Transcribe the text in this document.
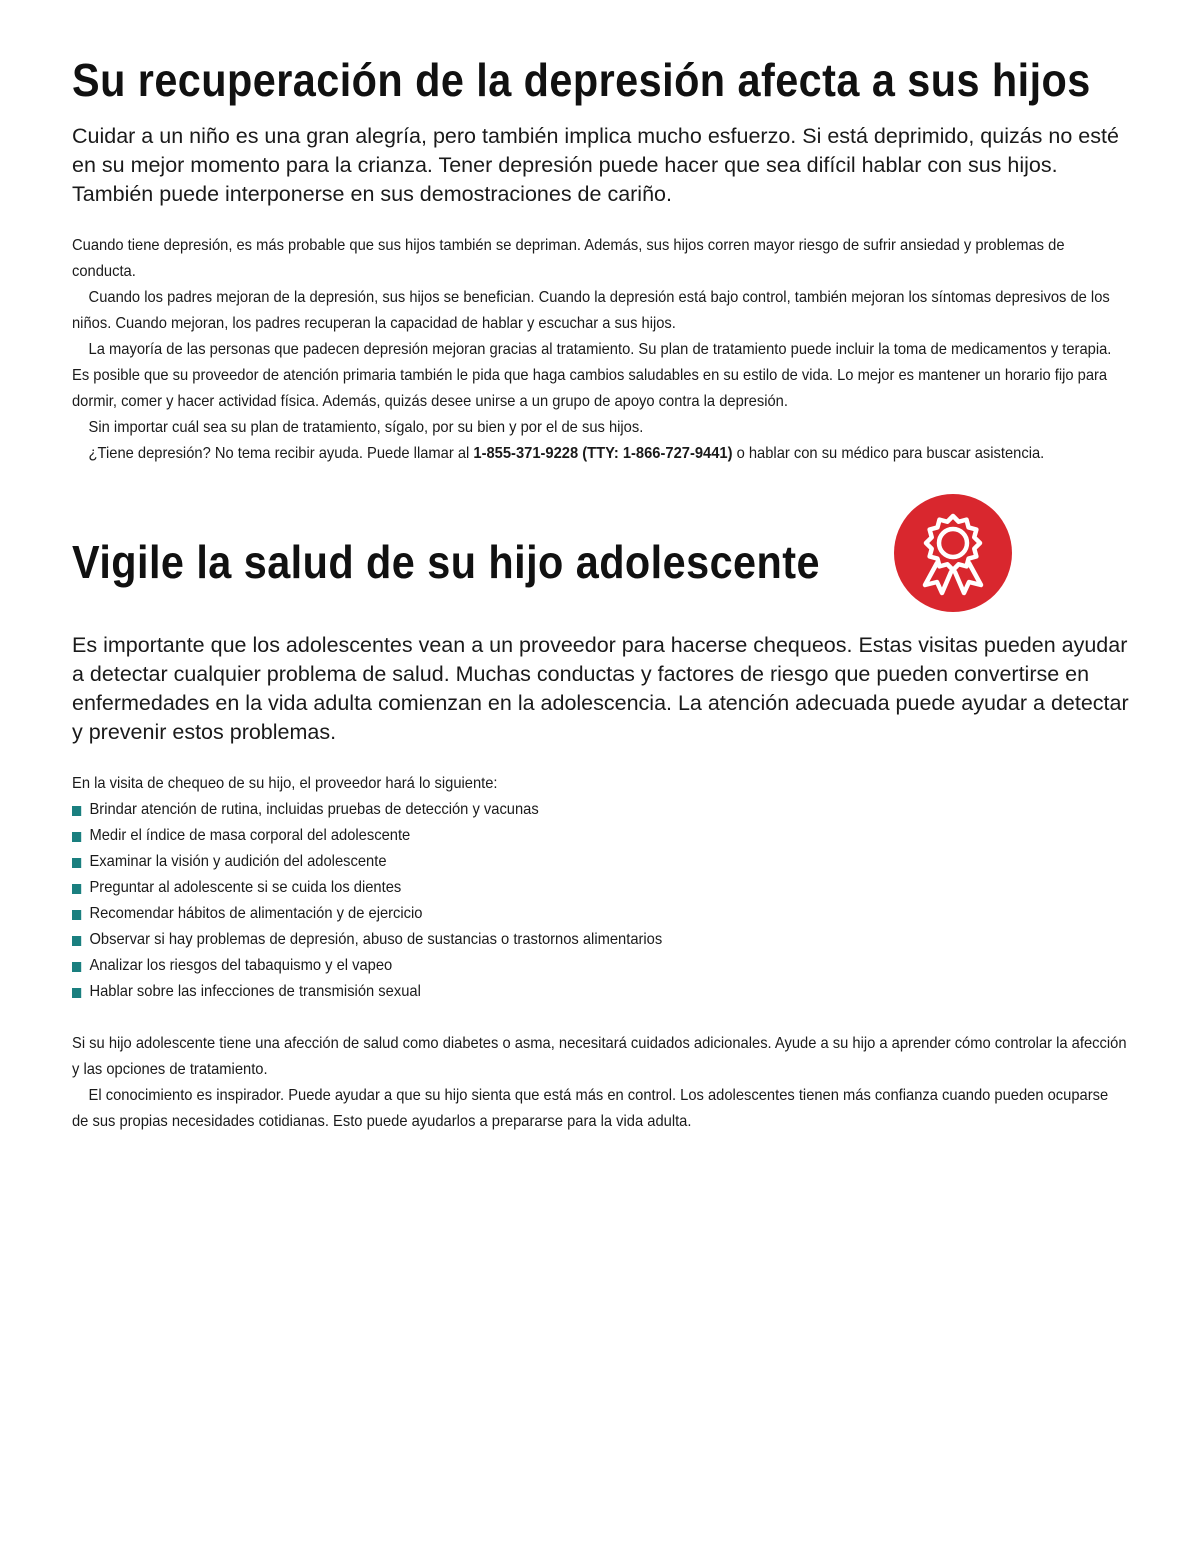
Su recuperación de la depresión afecta a sus hijos

Cuidar a un niño es una gran alegría, pero también implica mucho esfuerzo. Si está deprimido, quizás no esté en su mejor momento para la crianza. Tener depresión puede hacer que sea difícil hablar con sus hijos. También puede interponerse en sus demostraciones de cariño.

Cuando tiene depresión, es más probable que sus hijos también se depriman. Además, sus hijos corren mayor riesgo de sufrir ansiedad y problemas de conducta.

Cuando los padres mejoran de la depresión, sus hijos se benefician. Cuando la depresión está bajo control, también mejoran los síntomas depresivos de los niños. Cuando mejoran, los padres recuperan la capacidad de hablar y escuchar a sus hijos.

La mayoría de las personas que padecen depresión mejoran gracias al tratamiento. Su plan de tratamiento puede incluir la toma de medicamentos y terapia. Es posible que su proveedor de atención primaria también le pida que haga cambios saludables en su estilo de vida. Lo mejor es mantener un horario fijo para dormir, comer y hacer actividad física. Además, quizás desee unirse a un grupo de apoyo contra la depresión.

Sin importar cuál sea su plan de tratamiento, sígalo, por su bien y por el de sus hijos.

¿Tiene depresión? No tema recibir ayuda. Puede llamar al 1-855-371-9228 (TTY: 1-866-727-9441) o hablar con su médico para buscar asistencia.

Vigile la salud de su hijo adolescente

Es importante que los adolescentes vean a un proveedor para hacerse chequeos. Estas visitas pueden ayudar a detectar cualquier problema de salud. Muchas conductas y factores de riesgo que pueden convertirse en enfermedades en la vida adulta comienzan en la adolescencia. La atención adecuada puede ayudar a detectar y prevenir estos problemas.

En la visita de chequeo de su hijo, el proveedor hará lo siguiente:

Brindar atención de rutina, incluidas pruebas de detección y vacunas
Medir el índice de masa corporal del adolescente
Examinar la visión y audición del adolescente
Preguntar al adolescente si se cuida los dientes
Recomendar hábitos de alimentación y de ejercicio
Observar si hay problemas de depresión, abuso de sustancias o trastornos alimentarios
Analizar los riesgos del tabaquismo y el vapeo
Hablar sobre las infecciones de transmisión sexual

Si su hijo adolescente tiene una afección de salud como diabetes o asma, necesitará cuidados adicionales. Ayude a su hijo a aprender cómo controlar la afección y las opciones de tratamiento.

El conocimiento es inspirador. Puede ayudar a que su hijo sienta que está más en control. Los adolescentes tienen más confianza cuando pueden ocuparse de sus propias necesidades cotidianas. Esto puede ayudarlos a prepararse para la vida adulta.
